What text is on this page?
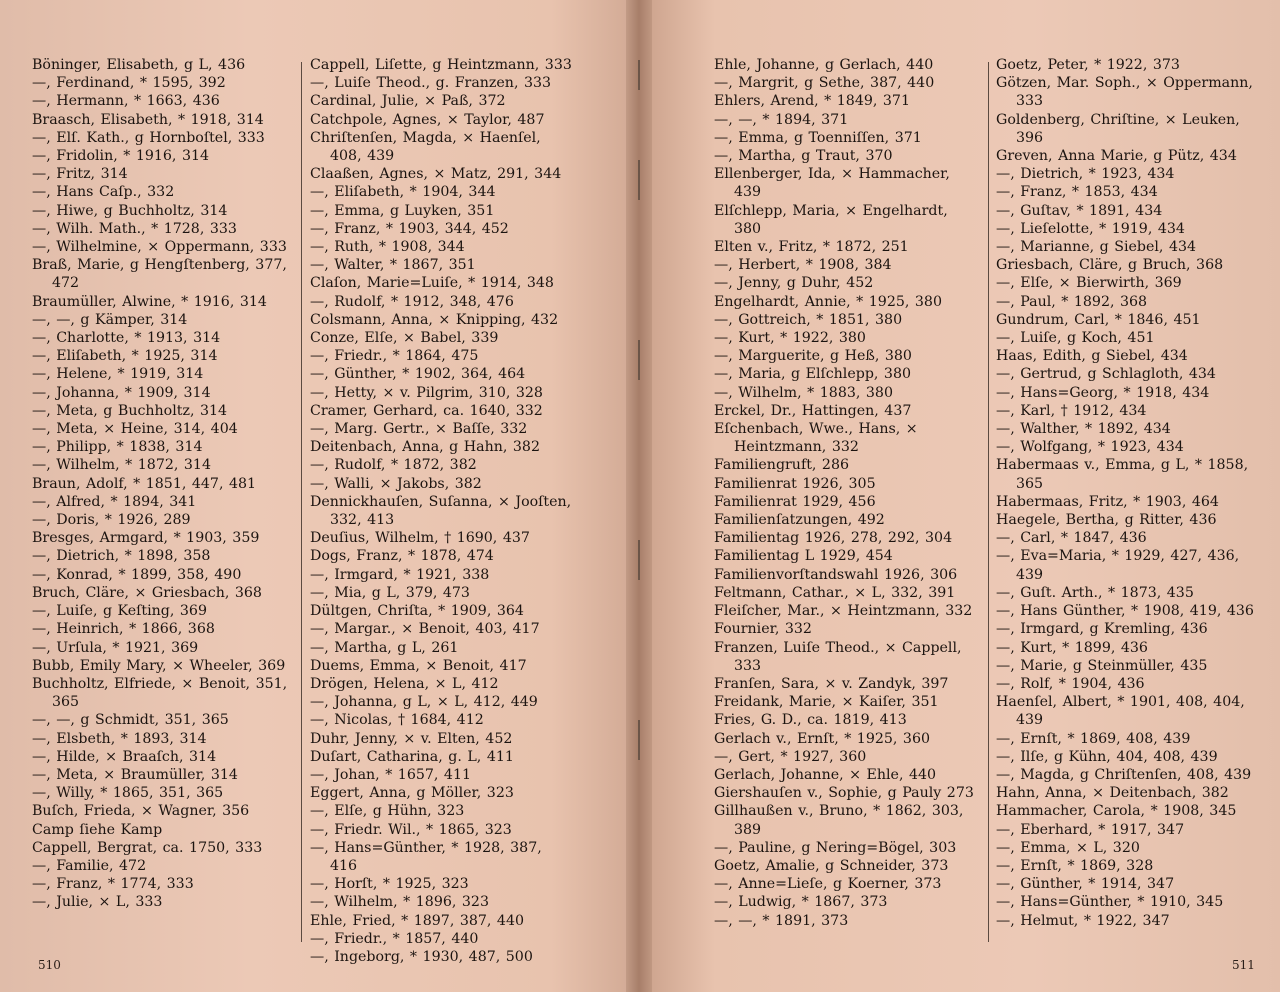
Böninger, Elisabeth, g L, 436
—, Ferdinand, * 1595, 392
—, Hermann, * 1663, 436
Braasch, Elisabeth, * 1918, 314
—, Elſ. Kath., g Hornboſtel, 333
—, Fridolin, * 1916, 314
—, Fritz, 314
—, Hans Caſp., 332
—, Hiwe, g Buchholtz, 314
—, Wilh. Math., * 1728, 333
—, Wilhelmine, × Oppermann, 333
Braß, Marie, g Hengſtenberg, 377, 472
Braumüller, Alwine, * 1916, 314
—, —, g Kämper, 314
—, Charlotte, * 1913, 314
—, Eliſabeth, * 1925, 314
—, Helene, * 1919, 314
—, Johanna, * 1909, 314
—, Meta, g Buchholtz, 314
—, Meta, × Heine, 314, 404
—, Philipp, * 1838, 314
—, Wilhelm, * 1872, 314
Braun, Adolf, * 1851, 447, 481
—, Alfred, * 1894, 341
—, Doris, * 1926, 289
Bresges, Armgard, * 1903, 359
—, Dietrich, * 1898, 358
—, Konrad, * 1899, 358, 490
Bruch, Cläre, × Griesbach, 368
—, Luiſe, g Keſting, 369
—, Heinrich, * 1866, 368
—, Urſula, * 1921, 369
Bubb, Emily Mary, × Wheeler, 369
Buchholtz, Elfriede, × Benoit, 351, 365
—, —, g Schmidt, 351, 365
—, Elsbeth, * 1893, 314
—, Hilde, × Braaſch, 314
—, Meta, × Braumüller, 314
—, Willy, * 1865, 351, 365
Buſch, Frieda, × Wagner, 356
Camp ſiehe Kamp
Cappell, Bergrat, ca. 1750, 333
—, Familie, 472
—, Franz, * 1774, 333
—, Julie, × L, 333
Cappell, Liſette, g Heintzmann, 333
—, Luiſe Theod., g. Franzen, 333
Cardinal, Julie, × Paß, 372
Catchpole, Agnes, × Taylor, 487
Chriſtenſen, Magda, × Haenſel, 408, 439
Claaßen, Agnes, × Matz, 291, 344
—, Eliſabeth, * 1904, 344
—, Emma, g Luyken, 351
—, Franz, * 1903, 344, 452
—, Ruth, * 1908, 344
—, Walter, * 1867, 351
Claſon, Marie=Luiſe, * 1914, 348
—, Rudolf, * 1912, 348, 476
Colsmann, Anna, × Knipping, 432
Conze, Elſe, × Babel, 339
—, Friedr., * 1864, 475
—, Günther, * 1902, 364, 464
—, Hetty, × v. Pilgrim, 310, 328
Cramer, Gerhard, ca. 1640, 332
—, Marg. Gertr., × Baſſe, 332
Deitenbach, Anna, g Hahn, 382
—, Rudolf, * 1872, 382
—, Walli, × Jakobs, 382
Dennickhauſen, Suſanna, × Jooſten, 332, 413
Deuſius, Wilhelm, † 1690, 437
Dogs, Franz, * 1878, 474
—, Irmgard, * 1921, 338
—, Mia, g L, 379, 473
Dültgen, Chriſta, * 1909, 364
—, Margar., × Benoit, 403, 417
—, Martha, g L, 261
Duems, Emma, × Benoit, 417
Drögen, Helena, × L, 412
—, Johanna, g L, × L, 412, 449
—, Nicolas, † 1684, 412
Duhr, Jenny, × v. Elten, 452
Duſart, Catharina, g. L, 411
—, Johan, * 1657, 411
Eggert, Anna, g Möller, 323
—, Elſe, g Hühn, 323
—, Friedr. Wil., * 1865, 323
—, Hans=Günther, * 1928, 387, 416
—, Horſt, * 1925, 323
—, Wilhelm, * 1896, 323
Ehle, Fried, * 1897, 387, 440
—, Friedr., * 1857, 440
—, Ingeborg, * 1930, 487, 500
510
Ehle, Johanne, g Gerlach, 440
—, Margrit, g Sethe, 387, 440
Ehlers, Arend, * 1849, 371
—, —, * 1894, 371
—, Emma, g Toenniſſen, 371
—, Martha, g Traut, 370
Ellenberger, Ida, × Hammacher, 439
Elſchlepp, Maria, × Engelhardt, 380
Elten v., Fritz, * 1872, 251
—, Herbert, * 1908, 384
—, Jenny, g Duhr, 452
Engelhardt, Annie, * 1925, 380
—, Gottreich, * 1851, 380
—, Kurt, * 1922, 380
—, Marguerite, g Heß, 380
—, Maria, g Elſchlepp, 380
—, Wilhelm, * 1883, 380
Erckel, Dr., Hattingen, 437
Eſchenbach, Wwe., Hans, × Heintzmann, 332
Familiengruft, 286
Familienrat 1926, 305
Familienrat 1929, 456
Familienſatzungen, 492
Familientag 1926, 278, 292, 304
Familientag L 1929, 454
Familienvorſtandswahl 1926, 306
Feltmann, Cathar., × L, 332, 391
Fleiſcher, Mar., × Heintzmann, 332
Fournier, 332
Franzen, Luiſe Theod., × Cappell, 333
Franſen, Sara, × v. Zandyk, 397
Freidank, Marie, × Kaiſer, 351
Fries, G. D., ca. 1819, 413
Gerlach v., Ernſt, * 1925, 360
—, Gert, * 1927, 360
Gerlach, Johanne, × Ehle, 440
Giershauſen v., Sophie, g Pauly 273
Gillhaußen v., Bruno, * 1862, 303, 389
—, Pauline, g Nering=Bögel, 303
Goetz, Amalie, g Schneider, 373
—, Anne=Lieſe, g Koerner, 373
—, Ludwig, * 1867, 373
—, —, * 1891, 373
Goetz, Peter, * 1922, 373
Götzen, Mar. Soph., × Oppermann, 333
Goldenberg, Chriſtine, × Leuken, 396
Greven, Anna Marie, g Pütz, 434
—, Dietrich, * 1923, 434
—, Franz, * 1853, 434
—, Guſtav, * 1891, 434
—, Lieſelotte, * 1919, 434
—, Marianne, g Siebel, 434
Griesbach, Cläre, g Bruch, 368
—, Elſe, × Bierwirth, 369
—, Paul, * 1892, 368
Gundrum, Carl, * 1846, 451
—, Luiſe, g Koch, 451
Haas, Edith, g Siebel, 434
—, Gertrud, g Schlagloth, 434
—, Hans=Georg, * 1918, 434
—, Karl, † 1912, 434
—, Walther, * 1892, 434
—, Wolfgang, * 1923, 434
Habermaas v., Emma, g L, * 1858, 365
Habermaas, Fritz, * 1903, 464
Haegele, Bertha, g Ritter, 436
—, Carl, * 1847, 436
—, Eva=Maria, * 1929, 427, 436, 439
—, Guſt. Arth., * 1873, 435
—, Hans Günther, * 1908, 419, 436
—, Irmgard, g Kremling, 436
—, Kurt, * 1899, 436
—, Marie, g Steinmüller, 435
—, Rolf, * 1904, 436
Haenſel, Albert, * 1901, 408, 404, 439
—, Ernſt, * 1869, 408, 439
—, Ilſe, g Kühn, 404, 408, 439
—, Magda, g Chriſtenſen, 408, 439
Hahn, Anna, × Deitenbach, 382
Hammacher, Carola, * 1908, 345
—, Eberhard, * 1917, 347
—, Emma, × L, 320
—, Ernſt, * 1869, 328
—, Günther, * 1914, 347
—, Hans=Günther, * 1910, 345
—, Helmut, * 1922, 347
511
